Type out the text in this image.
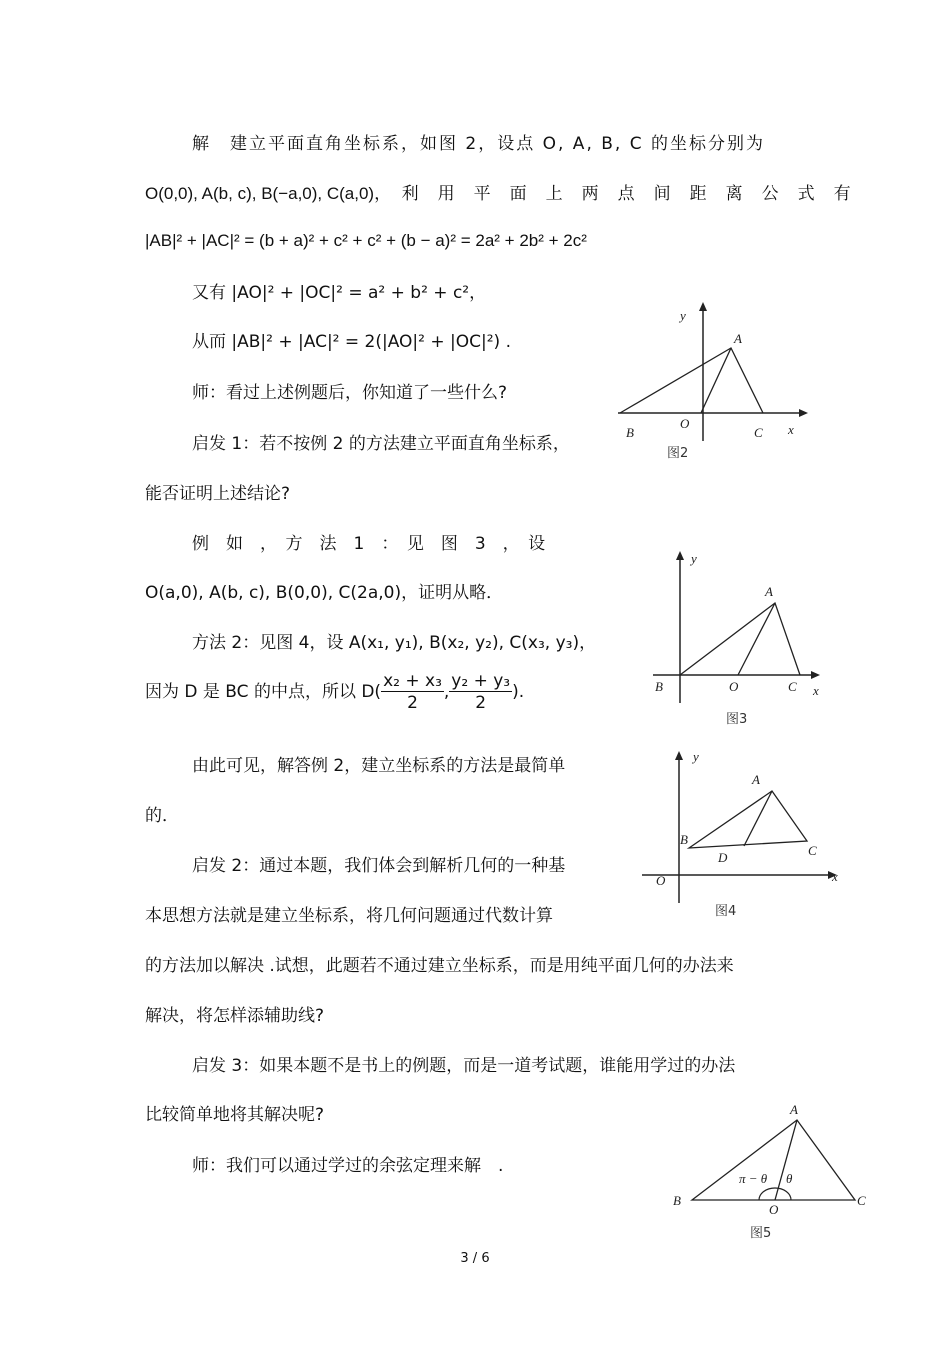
解　建立平面直角坐标系，如图 2，设点 O, A, B, C 的坐标分别为
O(0,0), A(b, c), B(−a,0), C(a,0)，　利　用　平　面　上　两　点　间　距　离　公　式　有
|AB|² + |AC|² = (b + a)² + c² + c² + (b − a)² = 2a² + 2b² + 2c²
又有 |AO|² + |OC|² = a² + b² + c²，
从而 |AB|² + |AC|² = 2(|AO|² + |OC|²) .
师：看过上述例题后，你知道了一些什么?
启发 1：若不按例 2 的方法建立平面直角坐标系，
能否证明上述结论?
例　如　，　方　法　1　：　见　图　3　，　设
O(a,0), A(b, c), B(0,0), C(2a,0)，证明从略．
方法 2：见图 4，设 A(x₁, y₁), B(x₂, y₂), C(x₃, y₃)，
因为 D 是 BC 的中点，所以 $D( \frac{\text{x₂ + x₃}}{2}$ , $\frac{\text{y₂ + y₃}}{2}$ ).
由此可见，解答例 2，建立坐标系的方法是最简单
的．
启发 2：通过本题，我们体会到解析几何的一种基
本思想方法就是建立坐标系，将几何问题通过代数计算
的方法加以解决 .试想，此题若不通过建立坐标系，而是用纯平面几何的办法来
解决，将怎样添辅助线?
启发 3：如果本题不是书上的例题，而是一道考试题，谁能用学过的办法
比较简单地将其解决呢?
师：我们可以通过学过的余弦定理来解　.
y
x
A
B	C
O
图2
y
x
A
B	C
O
图3
y
x
A
B
C
O
D
图4
A
B	C
O
π − θ θ
图5
3 / 6
